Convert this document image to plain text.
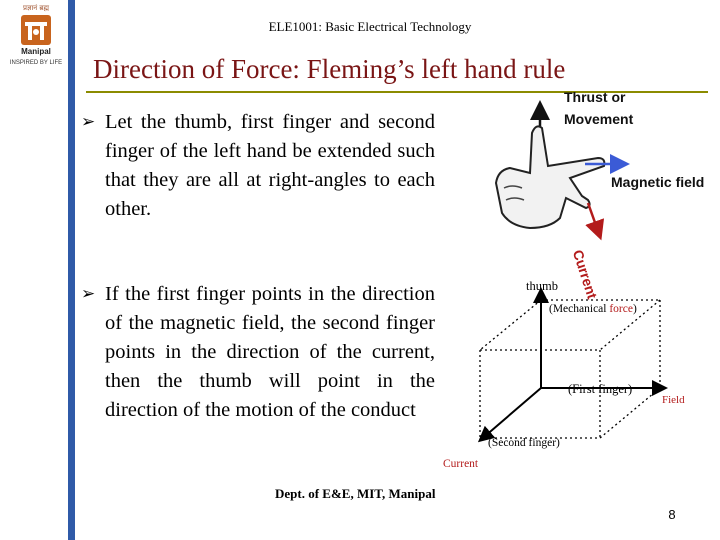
प्रज्ञानं ब्रह्म
Manipal
INSPIRED BY LIFE
ELE1001: Basic Electrical Technology
Direction of Force: Fleming’s left hand rule
➢ Let the thumb, first finger and second finger of the left hand be extended such that they are all at right-angles to each other.
➢ If the first finger points in the direction of the magnetic field, the second finger points in the direction of the current, then the thumb will point in the direction of the motion of the conduct
Thrust or
Movement
Magnetic field
Current
thumb
(Mechanical force)
(First finger)
Field
(Second finger)
Current
Dept. of E&E, MIT, Manipal
8
